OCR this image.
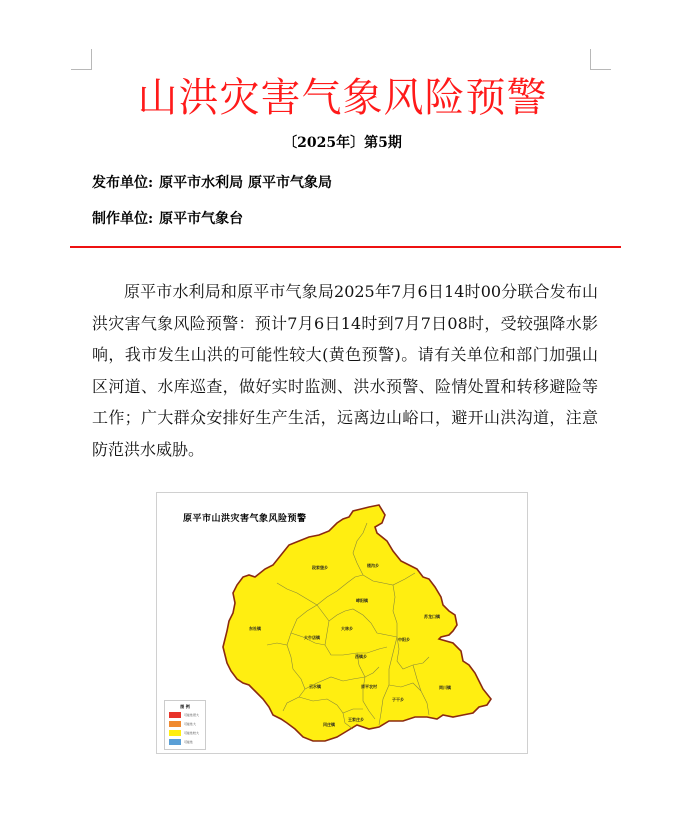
山洪灾害气象风险预警
〔2025年〕第5期
发布单位: 原平市水利局 原平市气象局
制作单位: 原平市气象台
原平市水利局和原平市气象局2025年7月6日14时00分联合发布山洪灾害气象风险预警：预计7月6日14时到7月7日08时，受较强降水影响，我市发生山洪的可能性较大(黄色预警)。请有关单位和部门加强山区河道、水库巡查，做好实时监测、洪水预警、险情处置和转移避险等工作；广大群众安排好生产生活，远离边山峪口，避开山洪沟道，注意防范洪水威胁。
原平市山洪灾害气象风险预警
段家堡乡	楼沟乡
崞阳镇
东社镇	大林乡
大牛店镇
苏龙口镇
中阳乡
西镇乡
云水镇	原平农村	同川镇
子干乡
王家庄乡
闫庄镇
图 例
可能性很大
可能性大
可能性较大
可能性
